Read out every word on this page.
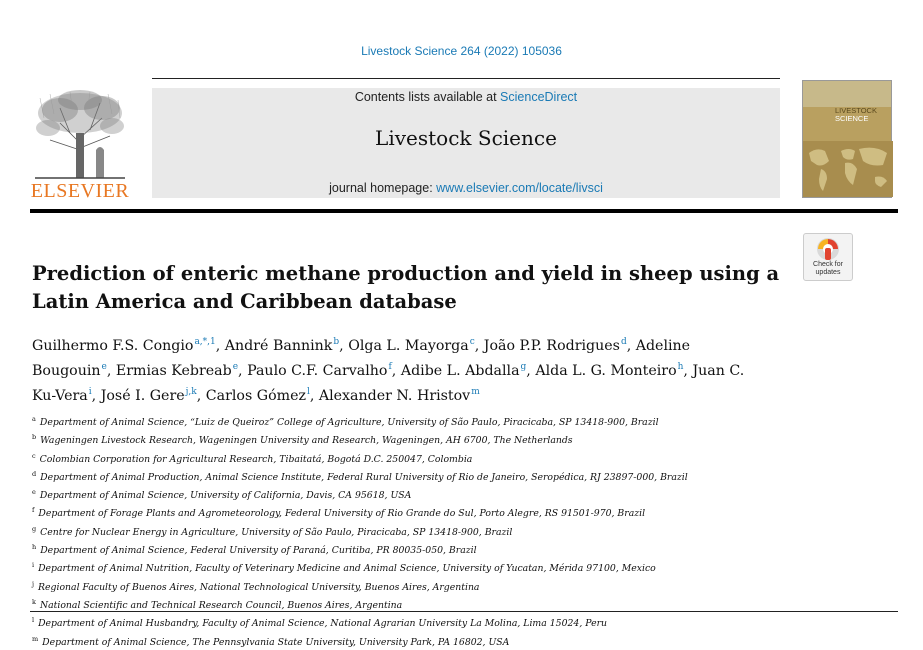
Livestock Science 264 (2022) 105036
ELSEVIER
Contents lists available at ScienceDirect
Livestock Science
journal homepage: www.elsevier.com/locate/livsci
LIVESTOCK
SCIENCE
Check for
updates
Prediction of enteric methane production and yield in sheep using a Latin America and Caribbean database
Guilhermo F.S. Congio$^{a,*,1}$, André Bannink$^b$, Olga L. Mayorga$^c$, João P.P. Rodrigues$^d$, Adeline Bougouin$^e$, Ermias Kebreab$^e$, Paulo C.F. Carvalho$^f$, Adibe L. Abdalla$^g$, Alda L. G. Monteiro$^h$, Juan C. Ku-Vera$^i$, José I. Gere$^{j,k}$, Carlos Gómez$^l$, Alexander N. Hristov$^m$
$^a$ Department of Animal Science, “Luiz de Queiroz” College of Agriculture, University of São Paulo, Piracicaba, SP 13418-900, Brazil
$^b$ Wageningen Livestock Research, Wageningen University and Research, Wageningen, AH 6700, The Netherlands
$^c$ Colombian Corporation for Agricultural Research, Tibaitatá, Bogotá D.C. 250047, Colombia
$^d$ Department of Animal Production, Animal Science Institute, Federal Rural University of Rio de Janeiro, Seropédica, RJ 23897-000, Brazil
$^e$ Department of Animal Science, University of California, Davis, CA 95618, USA
$^f$ Department of Forage Plants and Agrometeorology, Federal University of Rio Grande do Sul, Porto Alegre, RS 91501-970, Brazil
$^g$ Centre for Nuclear Energy in Agriculture, University of São Paulo, Piracicaba, SP 13418-900, Brazil
$^h$ Department of Animal Science, Federal University of Paraná, Curitiba, PR 80035-050, Brazil
$^i$ Department of Animal Nutrition, Faculty of Veterinary Medicine and Animal Science, University of Yucatan, Mérida 97100, Mexico
$^j$ Regional Faculty of Buenos Aires, National Technological University, Buenos Aires, Argentina
$^k$ National Scientific and Technical Research Council, Buenos Aires, Argentina
$^l$ Department of Animal Husbandry, Faculty of Animal Science, National Agrarian University La Molina, Lima 15024, Peru
$^m$ Department of Animal Science, The Pennsylvania State University, University Park, PA 16802, USA
